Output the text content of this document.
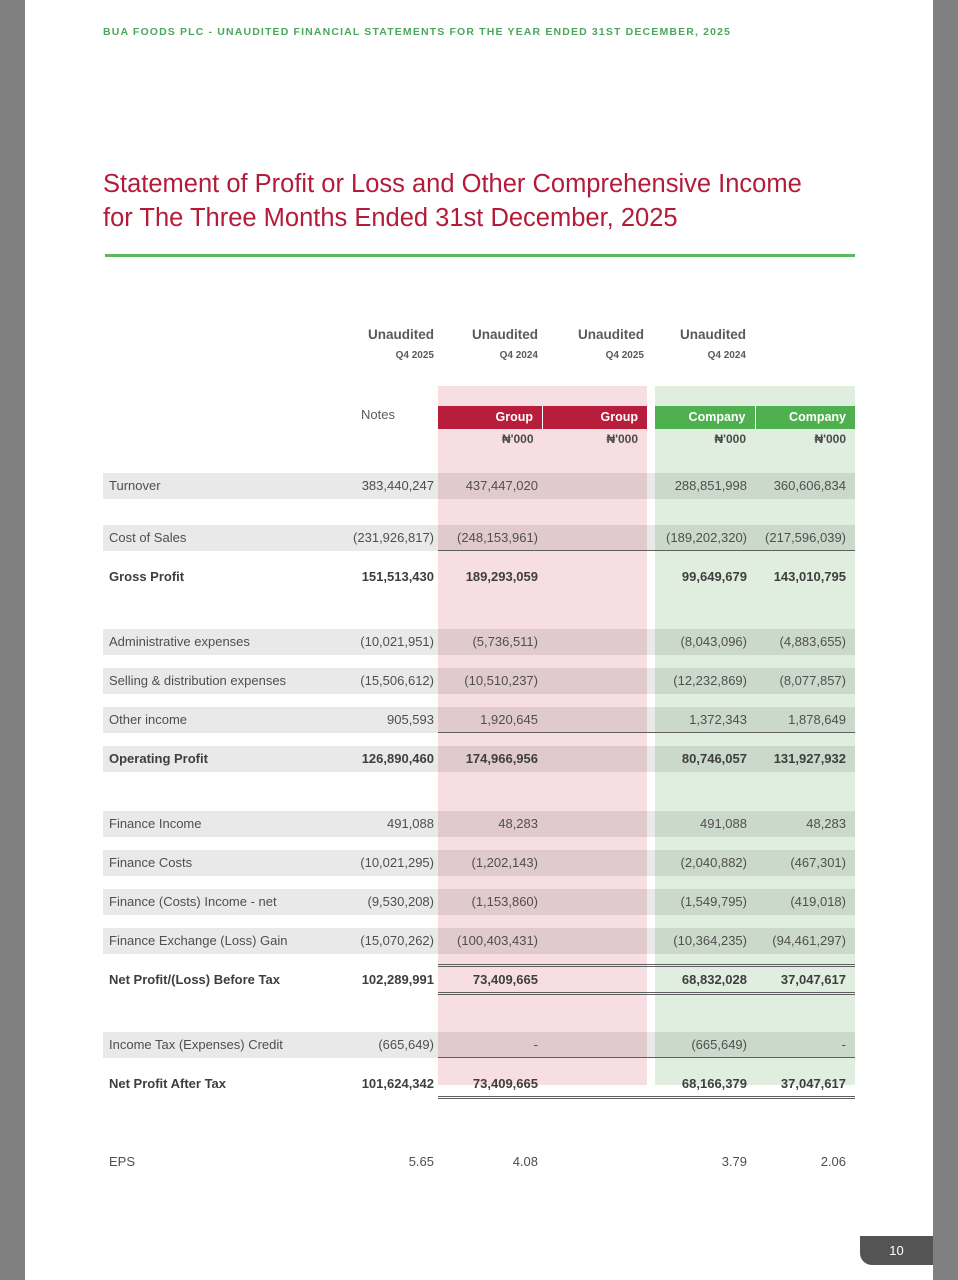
BUA FOODS PLC - UNAUDITED FINANCIAL STATEMENTS FOR THE YEAR ENDED 31ST DECEMBER, 2025
Statement of Profit or Loss and Other Comprehensive Income for The Three Months Ended 31st December, 2025
Unaudited
Q4 2025
Unaudited
Q4 2024
Unaudited
Q4 2025
Unaudited
Q4 2024
Notes	Group	Group	Company	Company
₦'000	₦'000	₦'000	₦'000
Turnover	383,440,247	437,447,020	288,851,998	360,606,834
Cost of Sales	(231,926,817)	(248,153,961)	(189,202,320)	(217,596,039)
Gross Profit	151,513,430	189,293,059	99,649,679	143,010,795
Administrative expenses	(10,021,951)	(5,736,511)	(8,043,096)	(4,883,655)
Selling & distribution expenses	(15,506,612)	(10,510,237)	(12,232,869)	(8,077,857)
Other income	905,593	1,920,645	1,372,343	1,878,649
Operating Profit	126,890,460	174,966,956	80,746,057	131,927,932
Finance Income	491,088	48,283	491,088	48,283
Finance Costs	(10,021,295)	(1,202,143)	(2,040,882)	(467,301)
Finance (Costs) Income - net	(9,530,208)	(1,153,860)	(1,549,795)	(419,018)
Finance Exchange (Loss) Gain	(15,070,262)	(100,403,431)	(10,364,235)	(94,461,297)
Net Profit/(Loss) Before Tax	102,289,991	73,409,665	68,832,028	37,047,617
Income Tax (Expenses) Credit	(665,649)	-	(665,649)	-
Net Profit After Tax	101,624,342	73,409,665	68,166,379	37,047,617
EPS	5.65	4.08	3.79	2.06
10
